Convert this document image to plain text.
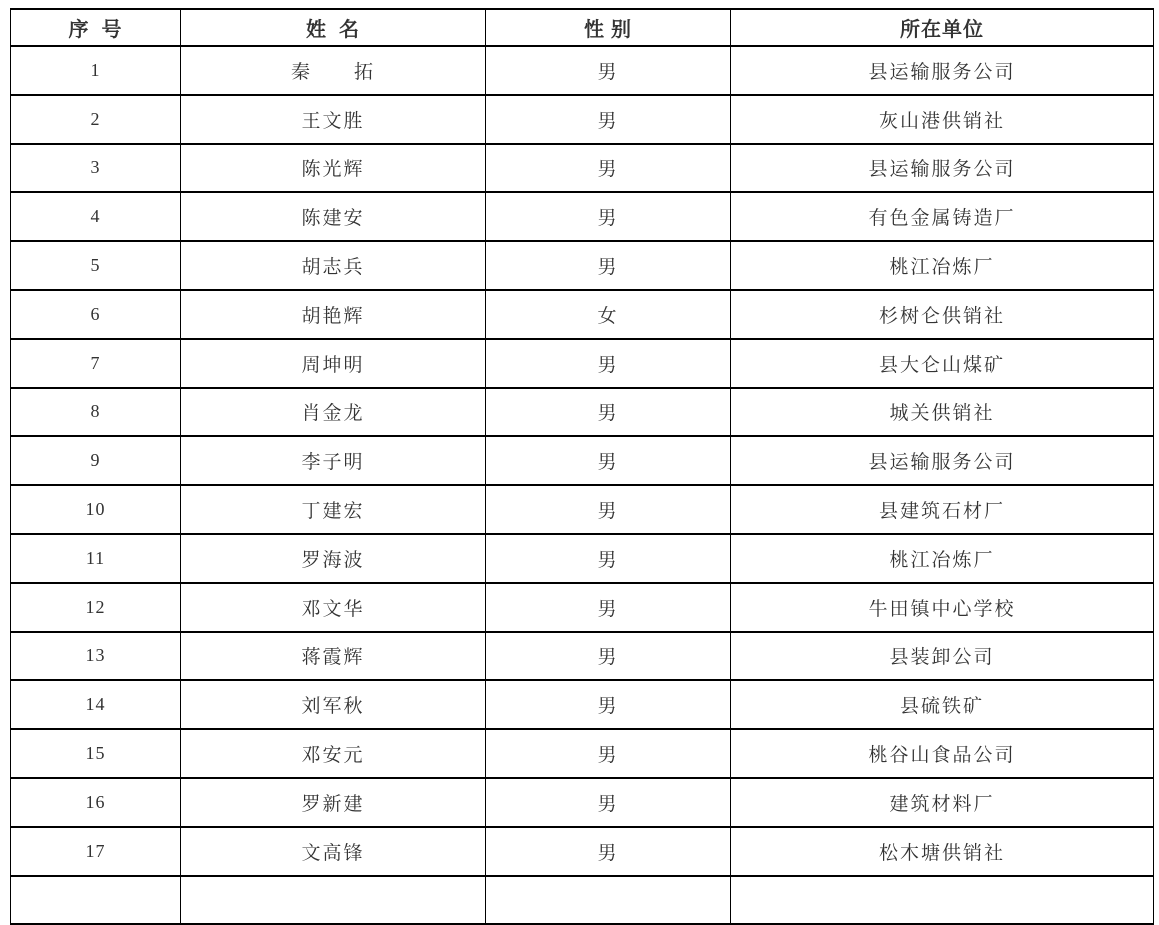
序  号	姓  名	性 别	所在单位
1	秦　　拓	男	县运输服务公司
2	王文胜	男	灰山港供销社
3	陈光辉	男	县运输服务公司
4	陈建安	男	有色金属铸造厂
5	胡志兵	男	桃江冶炼厂
6	胡艳辉	女	杉树仑供销社
7	周坤明	男	县大仑山煤矿
8	肖金龙	男	城关供销社
9	李子明	男	县运输服务公司
10	丁建宏	男	县建筑石材厂
11	罗海波	男	桃江冶炼厂
12	邓文华	男	牛田镇中心学校
13	蒋霞辉	男	县装卸公司
14	刘军秋	男	县硫铁矿
15	邓安元	男	桃谷山食品公司
16	罗新建	男	建筑材料厂
17	文高锋	男	松木塘供销社
